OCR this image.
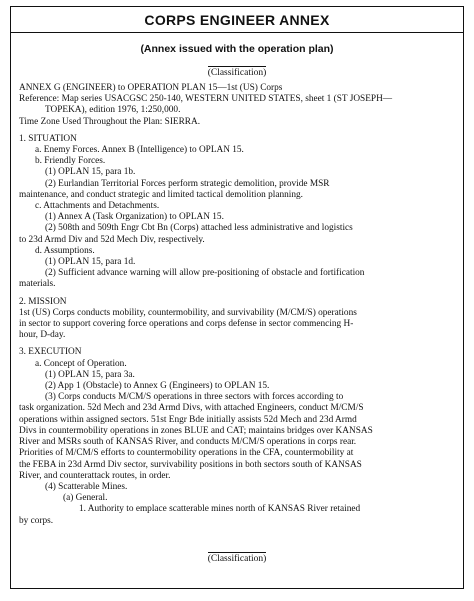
CORPS ENGINEER ANNEX
(Annex issued with the operation plan)
(Classification)
ANNEX G (ENGINEER) to OPERATION PLAN 15—1st (US) Corps
Reference: Map series USACGSC 250-140, WESTERN UNITED STATES, sheet 1 (ST JOSEPH—
TOPEKA), edition 1976, 1:250,000.
Time Zone Used Throughout the Plan: SIERRA.
1. SITUATION
a. Enemy Forces. Annex B (Intelligence) to OPLAN 15.
b. Friendly Forces.
(1) OPLAN 15, para 1b.
(2) Eurlandian Territorial Forces perform strategic demolition, provide MSR
maintenance, and conduct strategic and limited tactical demolition planning.
c. Attachments and Detachments.
(1) Annex A (Task Organization) to OPLAN 15.
(2) 508th and 509th Engr Cbt Bn (Corps) attached less administrative and logistics
to 23d Armd Div and 52d Mech Div, respectively.
d. Assumptions.
(1) OPLAN 15, para 1d.
(2) Sufficient advance warning will allow pre-positioning of obstacle and fortification
materials.
2. MISSION
1st (US) Corps conducts mobility, countermobility, and survivability (M/CM/S) operations
in sector to support covering force operations and corps defense in sector commencing H-
hour, D-day.
3. EXECUTION
a. Concept of Operation.
(1) OPLAN 15, para 3a.
(2) App 1 (Obstacle) to Annex G (Engineers) to OPLAN 15.
(3) Corps conducts M/CM/S operations in three sectors with forces according to
task organization. 52d Mech and 23d Armd Divs, with attached Engineers, conduct M/CM/S
operations within assigned sectors. 51st Engr Bde initially assists 52d Mech and 23d Armd
Divs in countermobility operations in zones BLUE and CAT; maintains bridges over KANSAS
River and MSRs south of KANSAS River, and conducts M/CM/S operations in corps rear.
Priorities of M/CM/S efforts to countermobility operations in the CFA, countermobility at
the FEBA in 23d Armd Div sector, survivability positions in both sectors south of KANSAS
River, and counterattack routes, in order.
(4) Scatterable Mines.
(a) General.
1. Authority to emplace scatterable mines north of KANSAS River retained
by corps.
(Classification)
